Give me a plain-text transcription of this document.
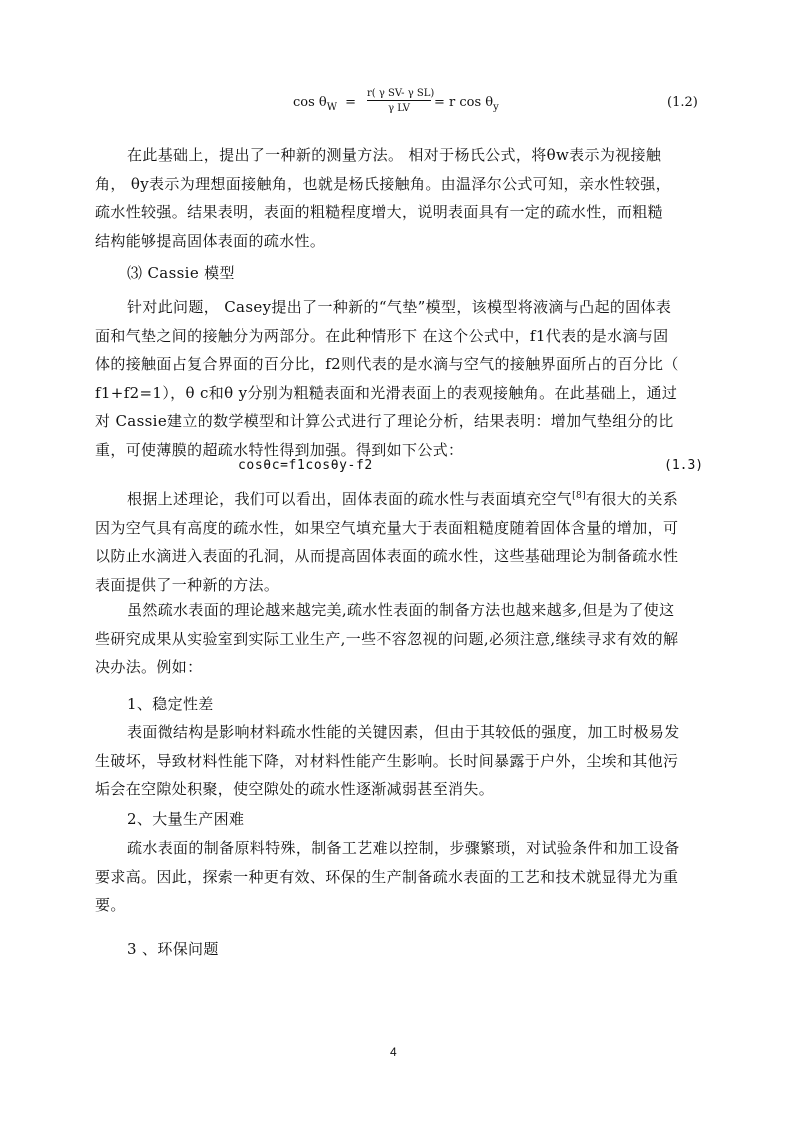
$\cos \theta_W = \frac{\text{r( γ SV- γ SL)}}{\text{γ LV}} = r$ $\cos \theta_y$	(1.2)

在此基础上，提出了一种新的测量方法。 相对于杨氏公式，将θw表示为视接触
角， θy表示为理想面接触角，也就是杨氏接触角。由温泽尔公式可知，亲水性较强，
疏水性较强。结果表明，表面的粗糙程度增大，说明表面具有一定的疏水性，而粗糙
结构能够提高固体表面的疏水性。

⑶ Cassie 模型

针对此问题， Casey提出了一种新的“气垫”模型，该模型将液滴与凸起的固体表
面和气垫之间的接触分为两部分。在此种情形下 在这个公式中，f1代表的是水滴与固
体的接触面占复合界面的百分比，f2则代表的是水滴与空气的接触界面所占的百分比（
f1+f2=1），θ c和θ y分别为粗糙表面和光滑表面上的表观接触角。在此基础上，通过
对 Cassie建立的数学模型和计算公式进行了理论分析，结果表明：增加气垫组分的比
重，可使薄膜的超疏水特性得到加强。得到如下公式：

cosθc=f1cosθy-f2	(1.3)

根据上述理论，我们可以看出，固体表面的疏水性与表面填充空气[8]有很大的关系
因为空气具有高度的疏水性，如果空气填充量大于表面粗糙度随着固体含量的增加，可
以防止水滴进入表面的孔洞，从而提高固体表面的疏水性，这些基础理论为制备疏水性
表面提供了一种新的方法。

虽然疏水表面的理论越来越完美,疏水性表面的制备方法也越来越多,但是为了使这
些研究成果从实验室到实际工业生产,一些不容忽视的问题,必须注意,继续寻求有效的解
决办法。例如：

1、稳定性差

表面微结构是影响材料疏水性能的关键因素，但由于其较低的强度，加工时极易发
生破坏，导致材料性能下降，对材料性能产生影响。长时间暴露于户外，尘埃和其他污
垢会在空隙处积聚，使空隙处的疏水性逐渐减弱甚至消失。

2、大量生产困难

疏水表面的制备原料特殊，制备工艺难以控制，步骤繁琐，对试验条件和加工设备
要求高。因此，探索一种更有效、环保的生产制备疏水表面的工艺和技术就显得尤为重
要。

3 、环保问题

4
